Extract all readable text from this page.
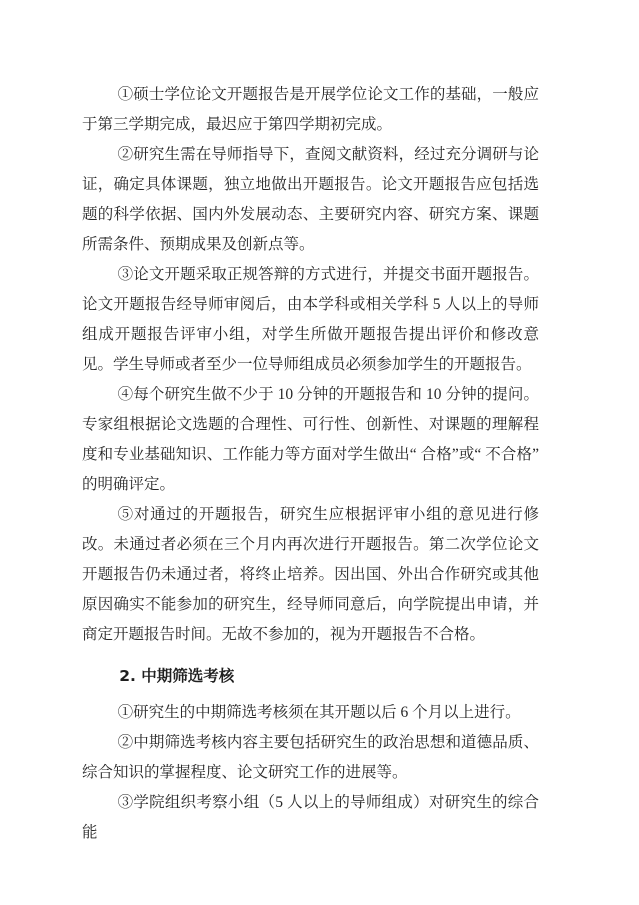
①硕士学位论文开题报告是开展学位论文工作的基础，一般应于第三学期完成，最迟应于第四学期初完成。
②研究生需在导师指导下，查阅文献资料，经过充分调研与论证，确定具体课题，独立地做出开题报告。论文开题报告应包括选题的科学依据、国内外发展动态、主要研究内容、研究方案、课题所需条件、预期成果及创新点等。
③论文开题采取正规答辩的方式进行，并提交书面开题报告。论文开题报告经导师审阅后，由本学科或相关学科 5 人以上的导师组成开题报告评审小组，对学生所做开题报告提出评价和修改意见。学生导师或者至少一位导师组成员必须参加学生的开题报告。
④每个研究生做不少于 10 分钟的开题报告和 10 分钟的提问。专家组根据论文选题的合理性、可行性、创新性、对课题的理解程度和专业基础知识、工作能力等方面对学生做出“ 合格”或“ 不合格”的明确评定。
⑤对通过的开题报告，研究生应根据评审小组的意见进行修改。未通过者必须在三个月内再次进行开题报告。第二次学位论文开题报告仍未通过者，将终止培养。因出国、外出合作研究或其他原因确实不能参加的研究生，经导师同意后，向学院提出申请，并商定开题报告时间。无故不参加的，视为开题报告不合格。
2. 中期筛选考核
①研究生的中期筛选考核须在其开题以后 6 个月以上进行。
②中期筛选考核内容主要包括研究生的政治思想和道德品质、综合知识的掌握程度、论文研究工作的进展等。
③学院组织考察小组（5 人以上的导师组成）对研究生的综合能
